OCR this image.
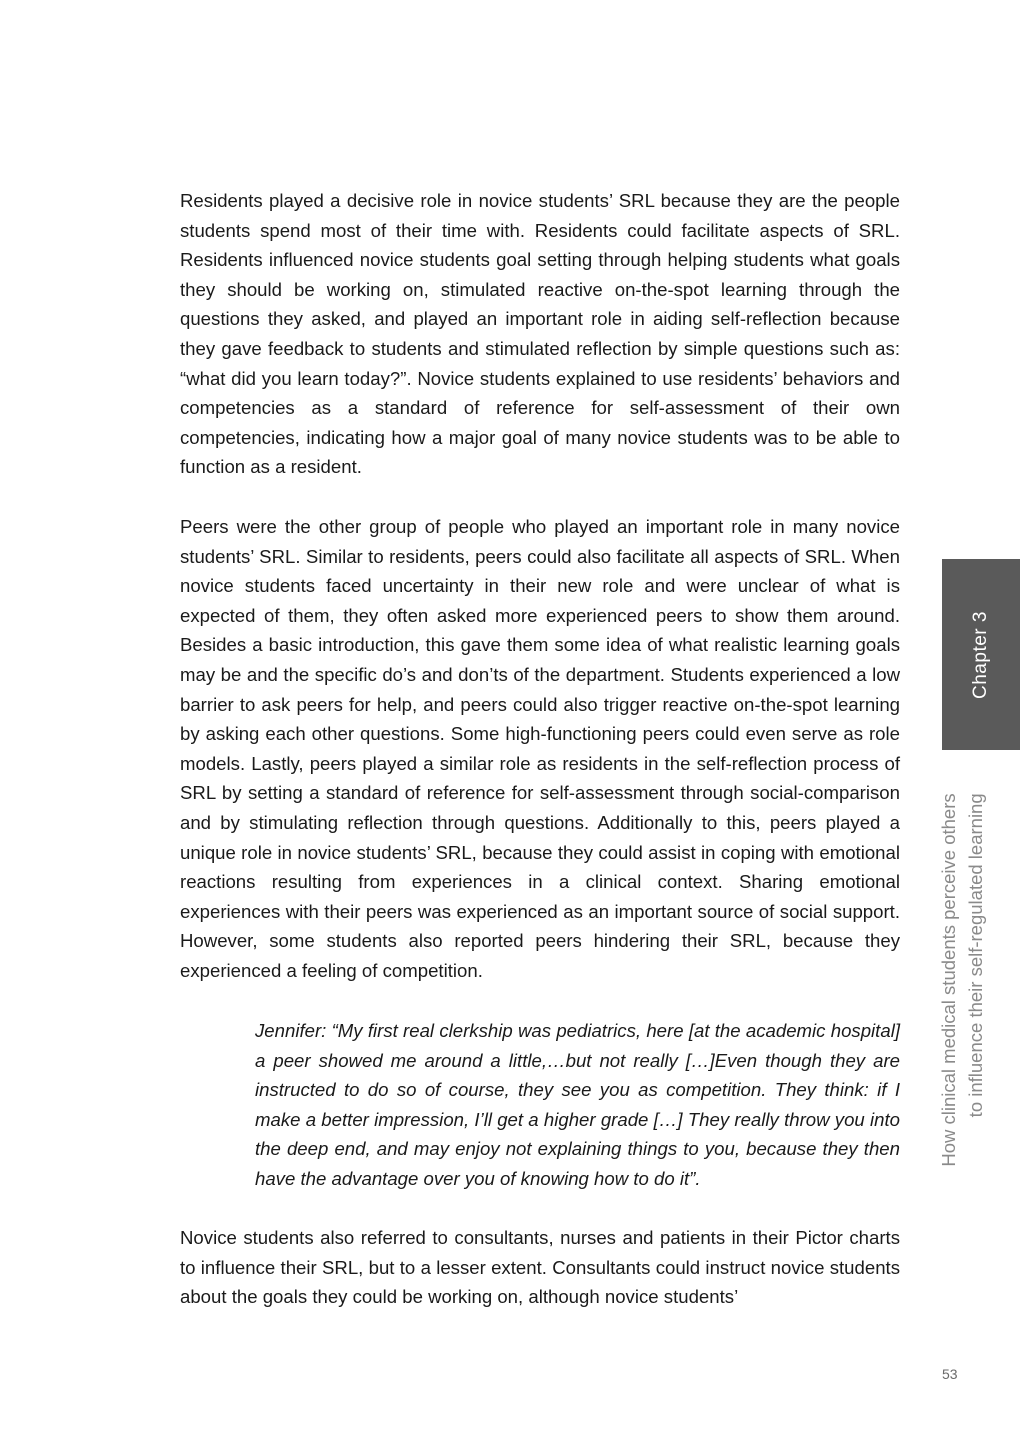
Residents played a decisive role in novice students’ SRL because they are the people students spend most of their time with. Residents could facilitate aspects of SRL. Residents influenced novice students goal setting through helping students what goals they should be working on, stimulated reactive on-the-spot learning through the questions they asked, and played an important role in aiding self-reflection because they gave feedback to students and stimulated reflection by simple questions such as: “what did you learn today?”. Novice students explained to use residents’ behaviors and competencies as a standard of reference for self-assessment of their own competencies, indicating how a major goal of many novice students was to be able to function as a resident.

Peers were the other group of people who played an important role in many novice students’ SRL. Similar to residents, peers could also facilitate all aspects of SRL. When novice students faced uncertainty in their new role and were unclear of what is expected of them, they often asked more experienced peers to show them around. Besides a basic introduction, this gave them some idea of what realistic learning goals may be and the specific do’s and don’ts of the department. Students experienced a low barrier to ask peers for help, and peers could also trigger reactive on-the-spot learning by asking each other questions. Some high-functioning peers could even serve as role models. Lastly, peers played a similar role as residents in the self-reflection process of SRL by setting a standard of reference for self-assessment through social-comparison and by stimulating reflection through questions. Additionally to this, peers played a unique role in novice students’ SRL, because they could assist in coping with emotional reactions resulting from experiences in a clinical context. Sharing emotional experiences with their peers was experienced as an important source of social support. However, some students also reported peers hindering their SRL, because they experienced a feeling of competition.

Jennifer: “My first real clerkship was pediatrics, here [at the academic hospital] a peer showed me around a little,…but not really […]Even though they are instructed to do so of course, they see you as competition. They think: if I make a better impression, I’ll get a higher grade […] They really throw you into the deep end, and may enjoy not explaining things to you, because they then have the advantage over you of knowing how to do it”.

Novice students also referred to consultants, nurses and patients in their Pictor charts to influence their SRL, but to a lesser extent. Consultants could instruct novice students about the goals they could be working on, although novice students’

Chapter 3
How clinical medical students perceive others to influence their self-regulated learning
53
